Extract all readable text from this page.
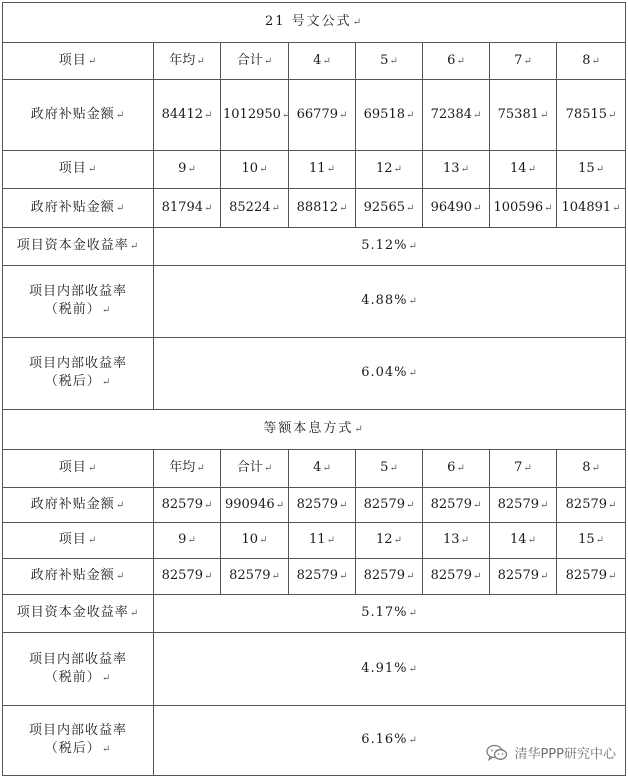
21 号文公式↵							
项目↵	年均↵	合计↵	4↵	5↵	6↵	7↵	8↵
政府补贴金额↵	84412↵	1012950↵	66779↵	69518↵	72384↵	75381↵	78515↵
项目↵	9↵	10↵	11↵	12↵	13↵	14↵	15↵
政府补贴金额↵	81794↵	85224↵	88812↵	92565↵	96490↵	100596↵	104891↵
项目资本金收益率↵	5.12%↵						
项目内部收益率
（税前）↵	4.88%↵						
项目内部收益率
（税后）↵	6.04%↵						
等额本息方式↵							
项目↵	年均↵	合计↵	4↵	5↵	6↵	7↵	8↵
政府补贴金额↵	82579↵	990946↵	82579↵	82579↵	82579↵	82579↵	82579↵
项目↵	9↵	10↵	11↵	12↵	13↵	14↵	15↵
政府补贴金额↵	82579↵	82579↵	82579↵	82579↵	82579↵	82579↵	82579↵
项目资本金收益率↵	5.17%↵						
项目内部收益率
（税前）↵	4.91%↵						
项目内部收益率
（税后）↵	6.16%↵						
清华PPP研究中心
